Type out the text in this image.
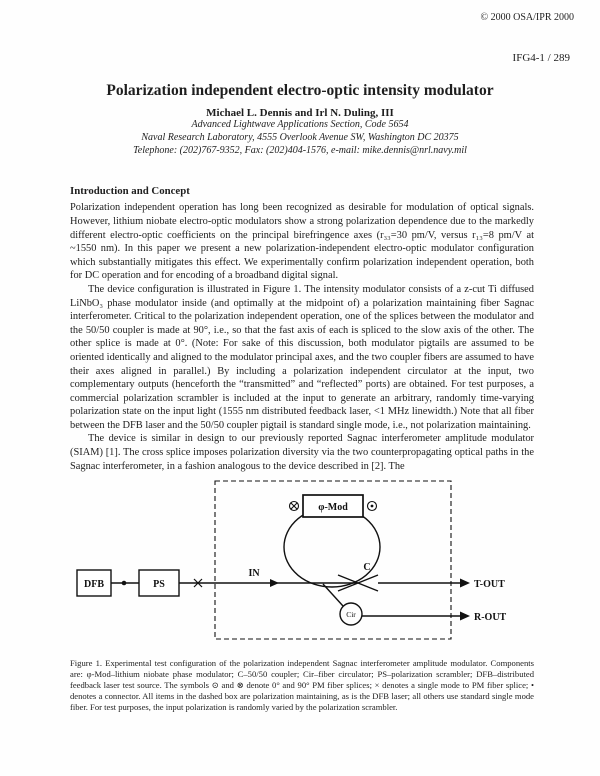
© 2000 OSA/IPR 2000
IFG4-1 / 289
Polarization independent electro-optic intensity modulator
Michael L. Dennis and Irl N. Duling, III
Advanced Lightwave Applications Section, Code 5654
Naval Research Laboratory, 4555 Overlook Avenue SW, Washington DC 20375
Telephone: (202)767-9352, Fax: (202)404-1576, e-mail: mike.dennis@nrl.navy.mil
Introduction and Concept

Polarization independent operation has long been recognized as desirable for modulation of optical signals. However, lithium niobate electro-optic modulators show a strong polarization dependence due to the markedly different electro-optic coefficients on the principal birefringence axes (r₃₃=30 pm/V, versus r₁₃=8 pm/V at ~1550 nm). In this paper we present a new polarization-independent electro-optic modulator configuration which substantially mitigates this effect. We experimentally confirm polarization independent operation, both for DC operation and for encoding of a broadband digital signal.

The device configuration is illustrated in Figure 1. The intensity modulator consists of a z-cut Ti diffused LiNbO₃ phase modulator inside (and optimally at the midpoint of) a polarization maintaining fiber Sagnac interferometer. Critical to the polarization independent operation, one of the splices between the modulator and the 50/50 coupler is made at 90°, i.e., so that the fast axis of each is spliced to the slow axis of the other. The other splice is made at 0°. (Note: For sake of this discussion, both modulator pigtails are assumed to be oriented identically and aligned to the modulator principal axes, and the two coupler fibers are assumed to have their axes aligned in parallel.) By including a polarization independent circulator at the input, two complementary outputs (henceforth the “transmitted” and “reflected” ports) are obtained. For test purposes, a commercial polarization scrambler is included at the input to generate an arbitrary, randomly time-varying polarization state on the input light (1555 nm distributed feedback laser, <1 MHz linewidth.) Note that all fiber between the DFB laser and the 50/50 coupler pigtail is standard single mode, i.e., not polarization maintaining.

The device is similar in design to our previously reported Sagnac interferometer amplitude modulator (SIAM) [1]. The cross splice imposes polarization diversity via the two counterpropagating optical paths in the Sagnac interferometer, in a fashion analogous to the device described in [2]. The

DFB	PS
IN
C
φ-Mod
Cir
T-OUT
R-OUT

Figure 1. Experimental test configuration of the polarization independent Sagnac interferometer amplitude modulator. Components are: φ-Mod–lithium niobate phase modulator; C–50/50 coupler; Cir–fiber circulator; PS–polarization scrambler; DFB–distributed feedback laser test source. The symbols ⊙ and ⊗ denote 0° and 90° PM fiber splices; × denotes a single mode to PM fiber splice; • denotes a connector. All items in the dashed box are polarization maintaining, as is the DFB laser; all others use standard single mode fiber. For test purposes, the input polarization is randomly varied by the polarization scrambler.
